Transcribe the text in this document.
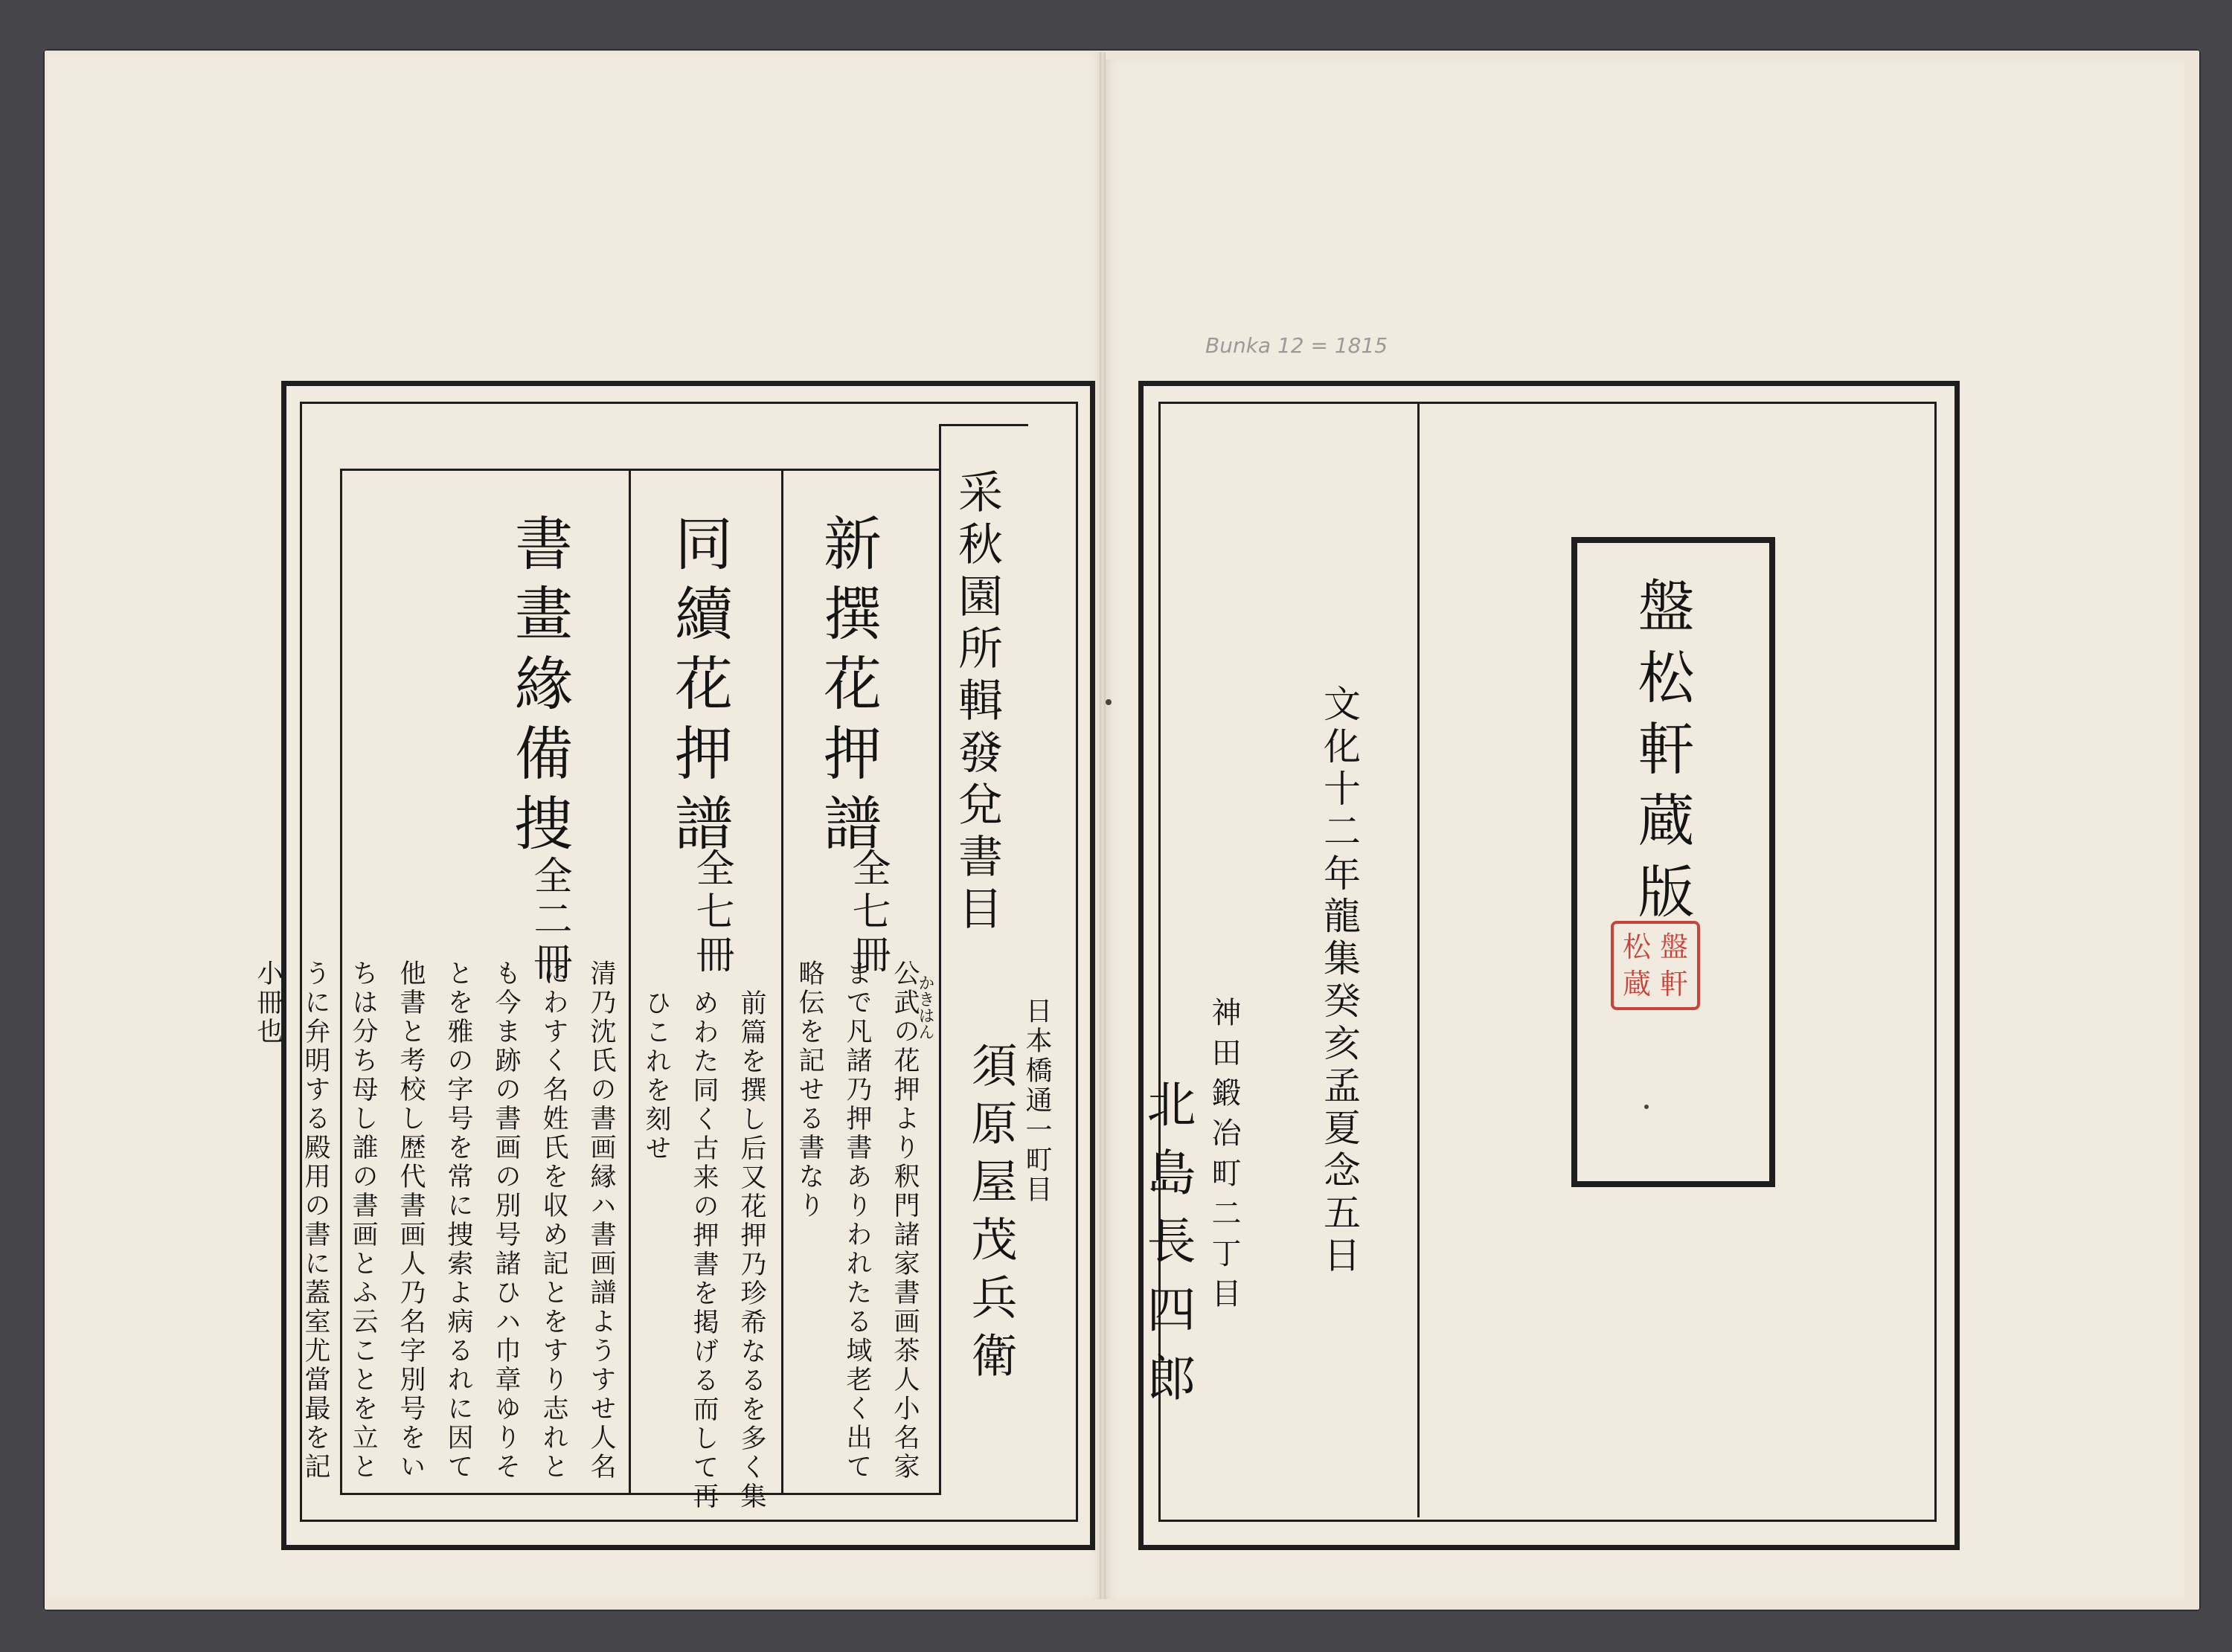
Bunka 12 = 1815
采秋園所輯發兌書目
日本橋通一町目
須原屋茂兵衛
新撰花押譜
全七冊
公武の花押より釈門諸家書画茶人小名家まで凡諸乃押書ありわれたる域老く出て略伝を記せる書なり	かきはん
同續花押譜
全七冊
前篇を撰し后又花押乃珍希なるを多く集めわた同く古来の押書を掲げる而して再ひこれを刻せ
書畫緣備捜
全二冊
清乃沈氏の書画縁ハ書画譜ようすせ人名にわすく名姓氏を収め記とをすり志れとも今ま跡の書画の別号諸ひハ巾章ゆりそとを雅の字号を常に捜索よ病るれに因て他書と考校し歴代書画人乃名字別号をいちは分ち母し誰の書画とふ云ことを立とうに弁明する殿用の書に蓋室尤當最を記小冊也
盤松軒蔵版
松 盤
蔵 軒
文化十二年龍集癸亥孟夏念五日
神田鍛冶町二丁目
北島長四郎
